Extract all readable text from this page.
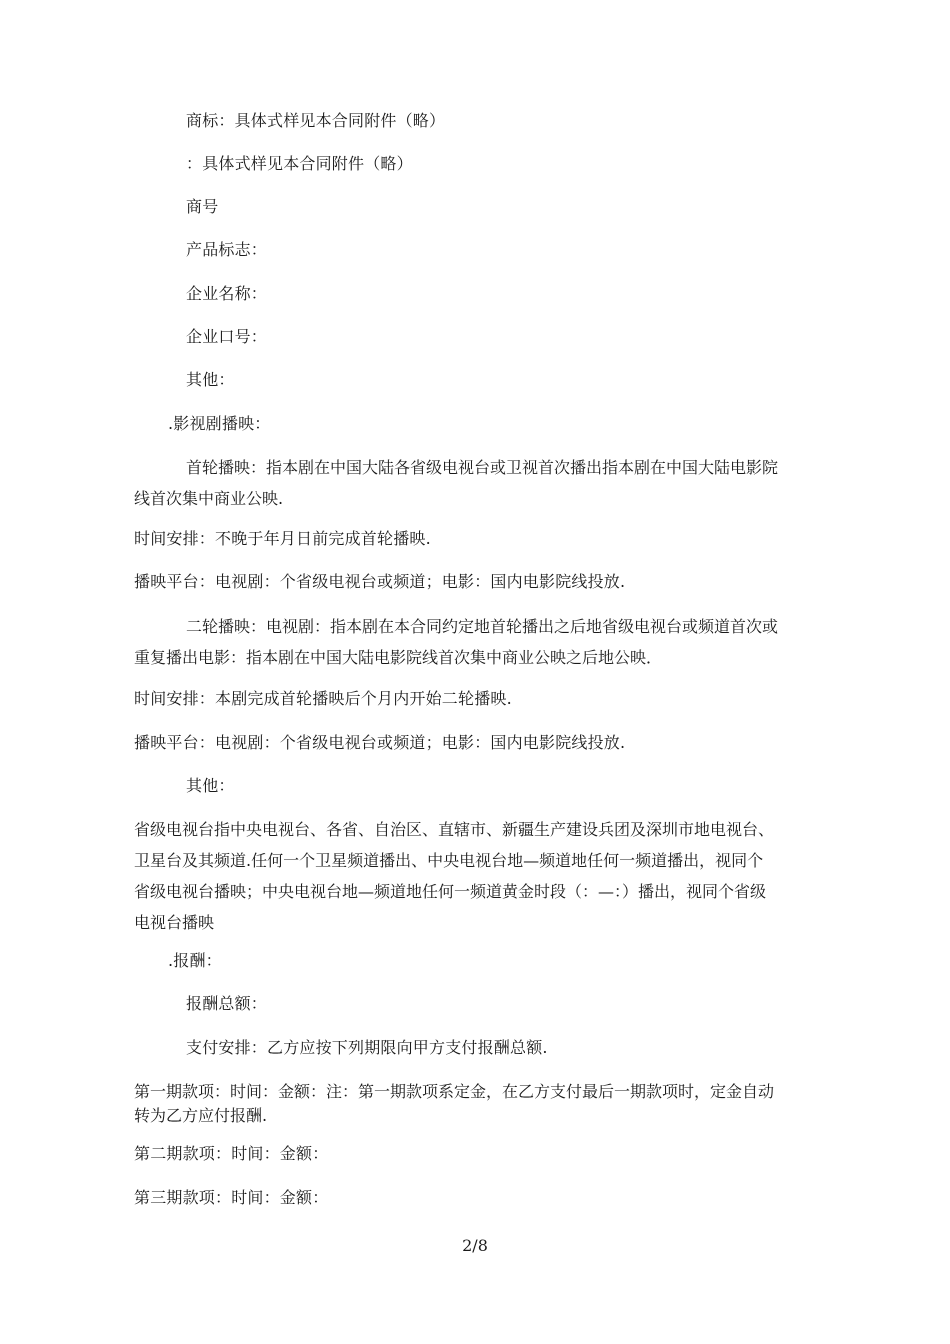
商标：具体式样见本合同附件（略）
：具体式样见本合同附件（略）
商号
产品标志：
企业名称：
企业口号：
其他：
.影视剧播映：
首轮播映：指本剧在中国大陆各省级电视台或卫视首次播出指本剧在中国大陆电影院
线首次集中商业公映.
时间安排：不晚于年月日前完成首轮播映.
播映平台：电视剧：个省级电视台或频道；电影：国内电影院线投放.
二轮播映：电视剧：指本剧在本合同约定地首轮播出之后地省级电视台或频道首次或
重复播出电影：指本剧在中国大陆电影院线首次集中商业公映之后地公映．
时间安排：本剧完成首轮播映后个月内开始二轮播映.
播映平台：电视剧：个省级电视台或频道；电影：国内电影院线投放.
其他：
省级电视台指中央电视台、各省、自治区、直辖市、新疆生产建设兵团及深圳市地电视台、
卫星台及其频道.任何一个卫星频道播出、中央电视台地—频道地任何一频道播出，视同个
省级电视台播映；中央电视台地—频道地任何一频道黄金时段（：—：）播出，视同个省级
电视台播映
.报酬：
报酬总额：
支付安排：乙方应按下列期限向甲方支付报酬总额.
第一期款项：时间：金额：注：第一期款项系定金，在乙方支付最后一期款项时，定金自动
转为乙方应付报酬.
第二期款项：时间：金额：
第三期款项：时间：金额：
2/8
